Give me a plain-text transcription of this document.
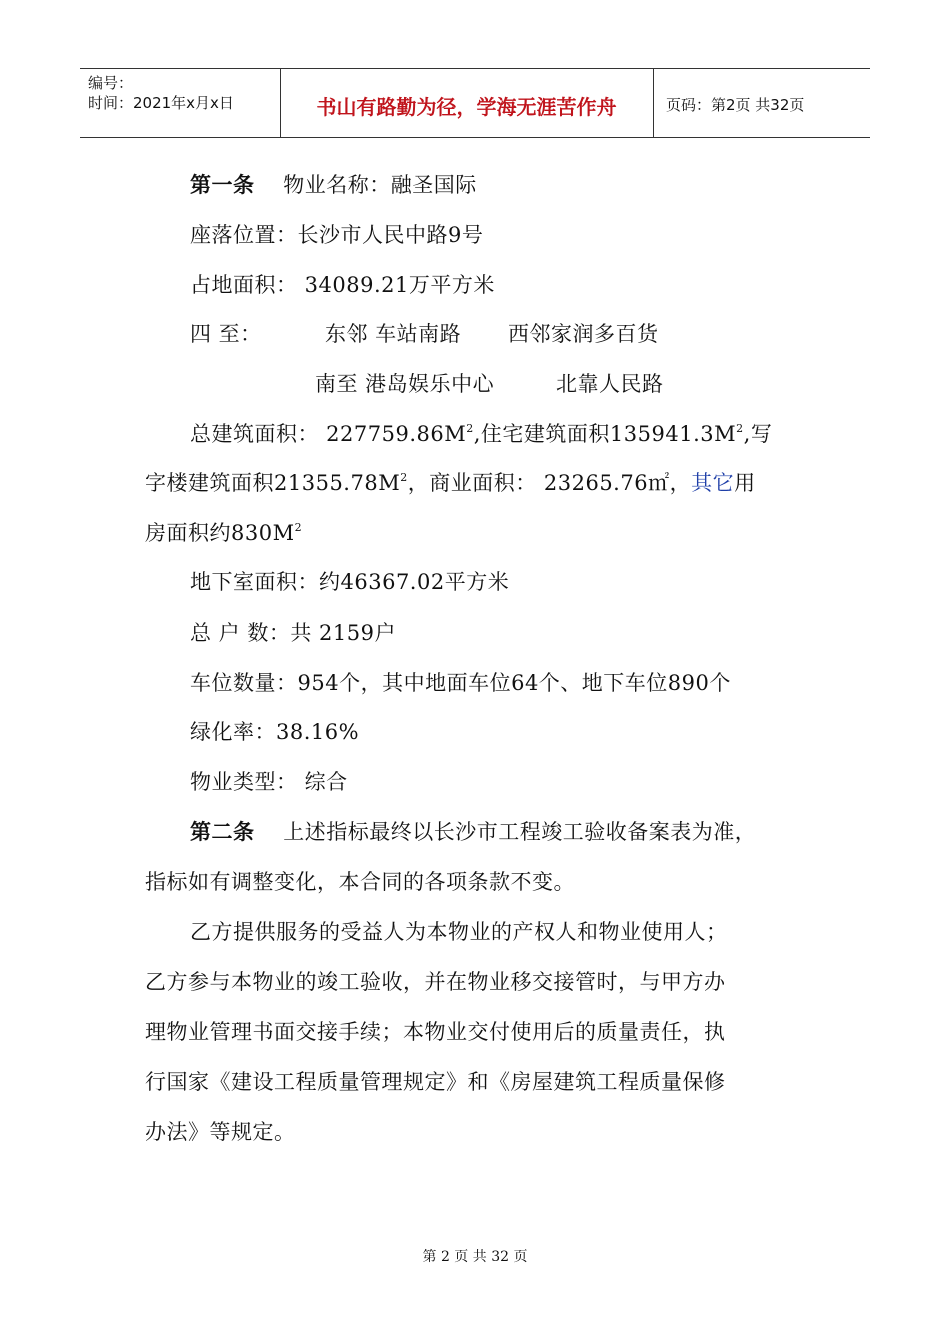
编号：
时间：2021年x月x日	书山有路勤为径，学海无涯苦作舟	页码：第2页 共32页
第一条 物业名称：融圣国际
座落位置：长沙市人民中路9号
占地面积： 34089.21万平方米
四 至：	东邻 车站南路 西邻家润多百货
南至 港岛娱乐中心	北靠人民路
总建筑面积： $227759.86M^2$,住宅建筑面积$135941.3M^2$,写
字楼建筑面积$21355.78M^2$，商业面积： 23265.76㎡，其它用
房面积约$830M^2$
地下室面积：约46367.02平方米
总 户 数：共 2159户
车位数量：954个，其中地面车位64个、地下车位890个
绿化率：38.16%
物业类型： 综合
第二条 上述指标最终以长沙市工程竣工验收备案表为准，
指标如有调整变化，本合同的各项条款不变。
乙方提供服务的受益人为本物业的产权人和物业使用人；
乙方参与本物业的竣工验收，并在物业移交接管时，与甲方办
理物业管理书面交接手续；本物业交付使用后的质量责任，执
行国家《建设工程质量管理规定》和《房屋建筑工程质量保修
办法》等规定。
第 2 页 共 32 页
